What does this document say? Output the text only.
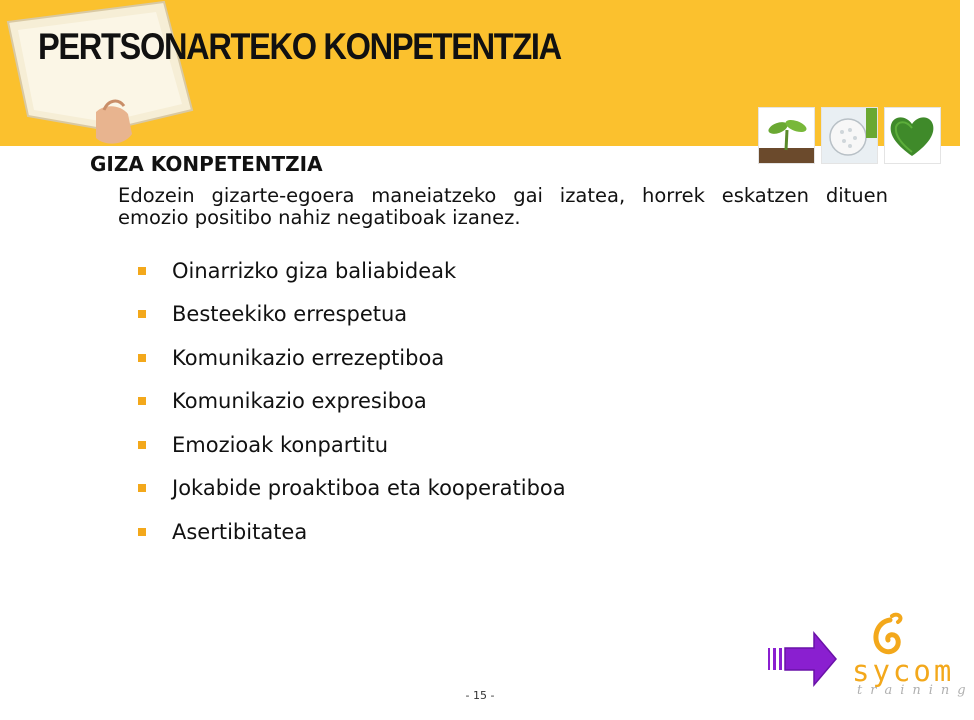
PERTSONARTEKO KONPETENTZIA
GIZA KONPETENTZIA
Edozein gizarte-egoera maneiatzeko gai izatea, horrek eskatzen dituen emozio positibo nahiz negatiboak izanez.
Oinarrizko giza baliabideak
Besteekiko errespetua
Komunikazio errezeptiboa
Komunikazio expresiboa
Emozioak konpartitu
Jokabide proaktiboa eta kooperatiboa
Asertibitatea
sycom
training
- 15 -
